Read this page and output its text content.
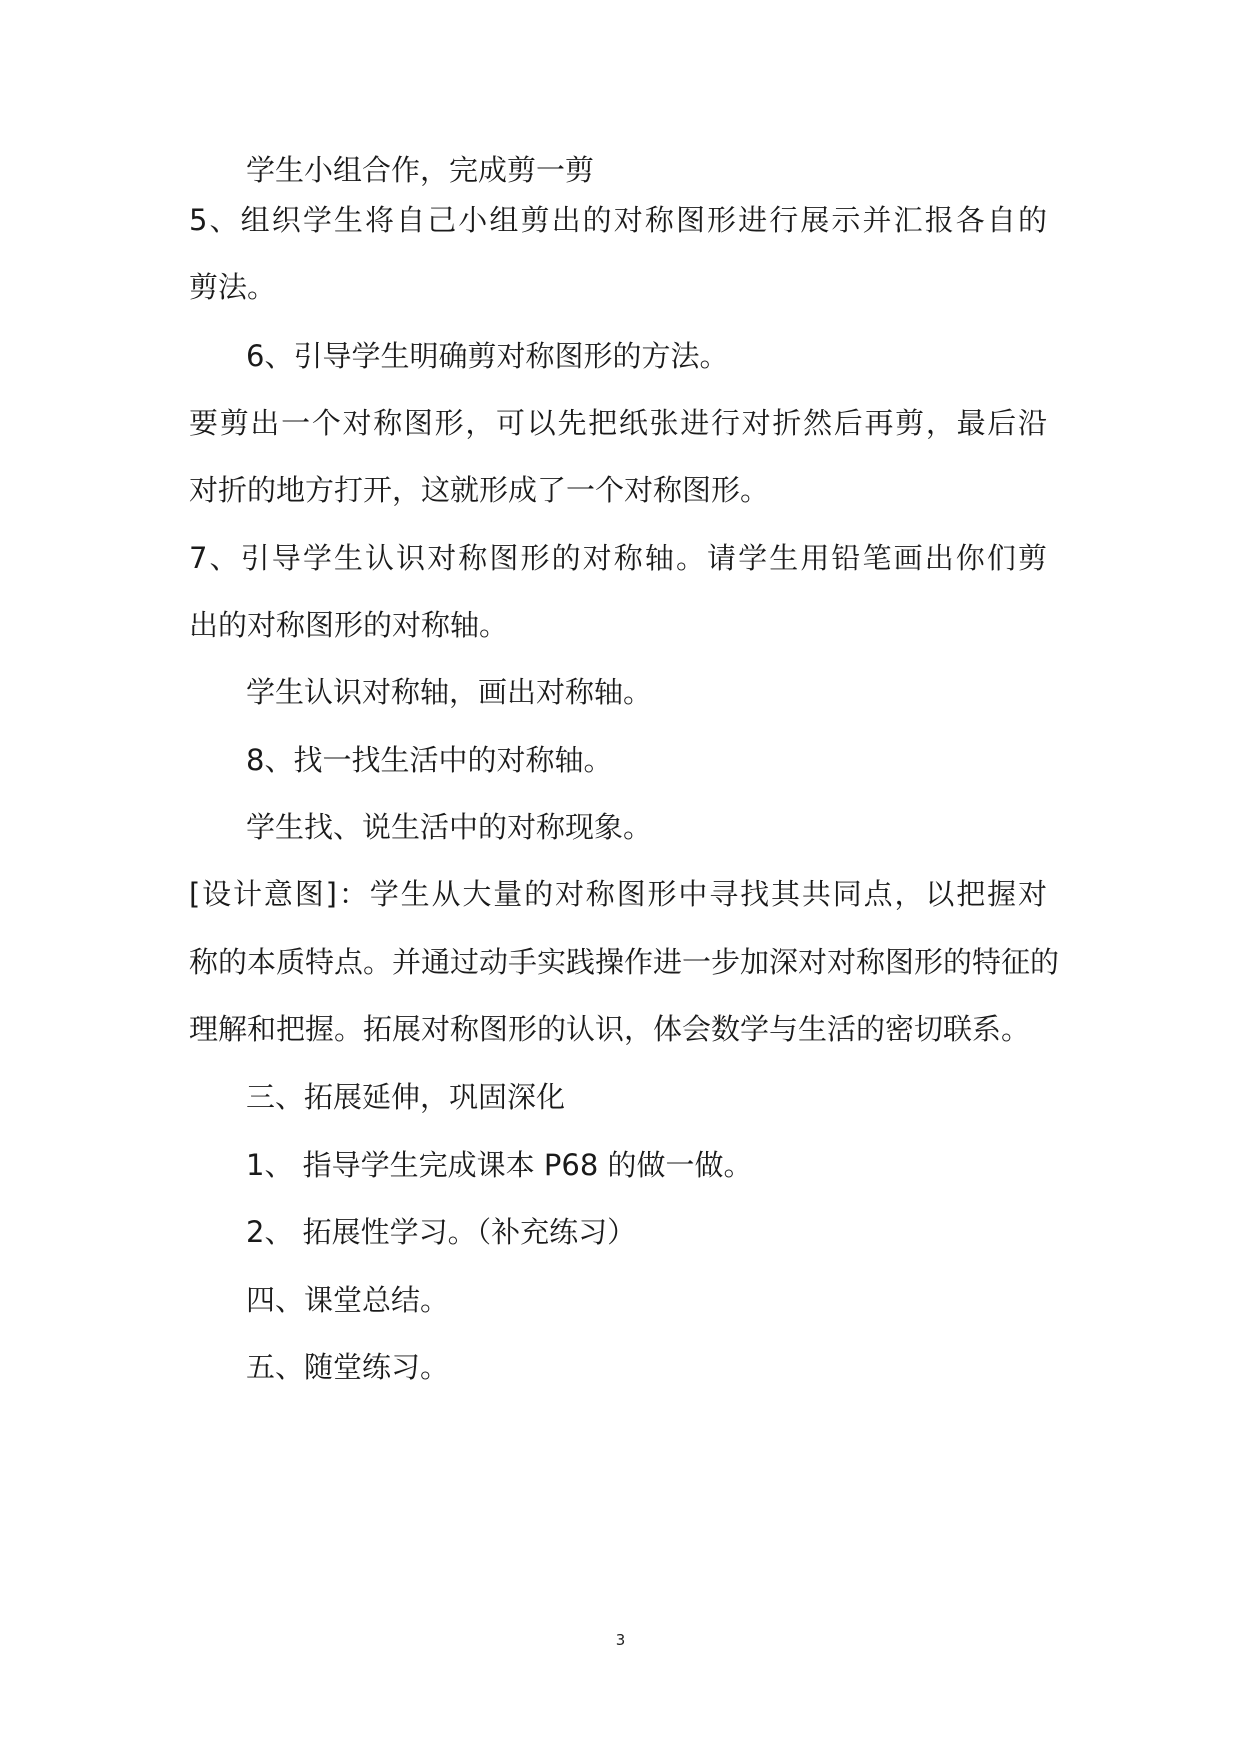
学生小组合作，完成剪一剪
5、组织学生将自己小组剪出的对称图形进行展示并汇报各自的
剪法。
6、引导学生明确剪对称图形的方法。
要剪出一个对称图形，可以先把纸张进行对折然后再剪，最后沿
对折的地方打开，这就形成了一个对称图形。
7、引导学生认识对称图形的对称轴。请学生用铅笔画出你们剪
出的对称图形的对称轴。
学生认识对称轴，画出对称轴。
8、找一找生活中的对称轴。
学生找、说生活中的对称现象。
[设计意图]：学生从大量的对称图形中寻找其共同点，以把握对
称的本质特点。并通过动手实践操作进一步加深对对称图形的特征的
理解和把握。拓展对称图形的认识，体会数学与生活的密切联系。
三、拓展延伸，巩固深化
1、 指导学生完成课本 P68 的做一做。
2、 拓展性学习。（补充练习）
四、课堂总结。
五、随堂练习。
3
